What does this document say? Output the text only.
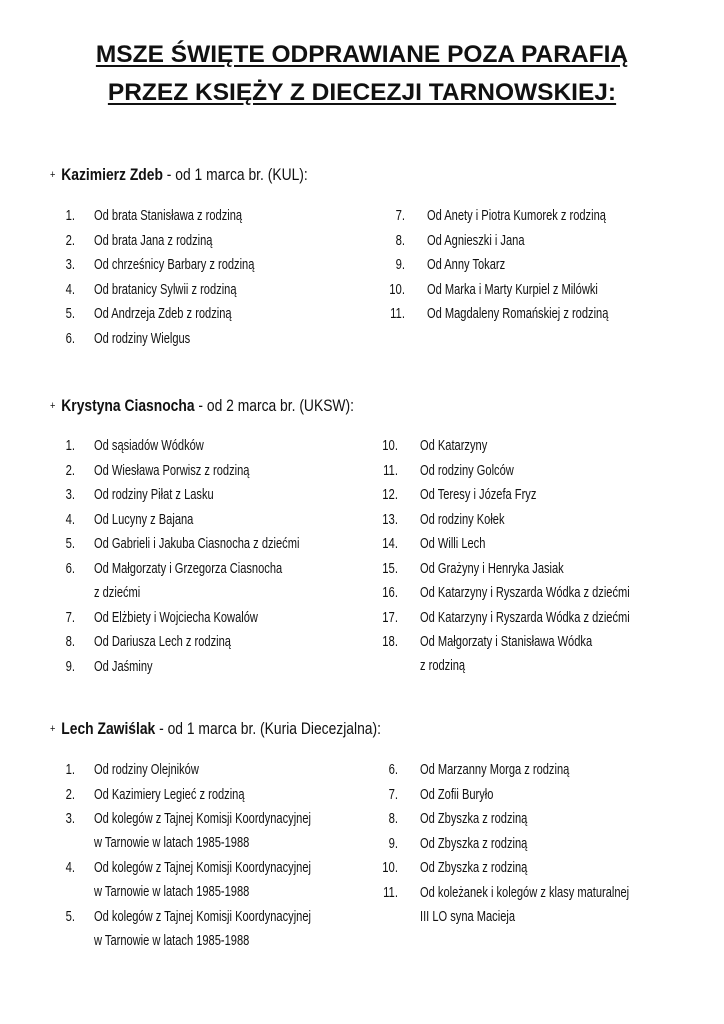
MSZE ŚWIĘTE ODPRAWIANE POZA PARAFIĄ
PRZEZ KSIĘŻY Z DIECEZJI TARNOWSKIEJ:
+ Kazimierz Zdeb - od 1 marca br. (KUL):
1. Od brata Stanisława z rodziną
2. Od brata Jana z rodziną
3. Od chrześnicy Barbary z rodziną
4. Od bratanicy Sylwii z rodziną
5. Od Andrzeja Zdeb z rodziną
6. Od rodziny Wielgus
7. Od Anety i Piotra Kumorek z rodziną
8. Od Agnieszki i Jana
9. Od Anny Tokarz
10. Od Marka i Marty Kurpiel z Milówki
11. Od Magdaleny Romańskiej z rodziną
+ Krystyna Ciasnocha - od 2 marca br. (UKSW):
1. Od sąsiadów Wódków
2. Od Wiesława Porwisz z rodziną
3. Od rodziny Piłat z Lasku
4. Od Lucyny z Bajana
5. Od Gabrieli i Jakuba Ciasnocha z dziećmi
6. Od Małgorzaty i Grzegorza Ciasnocha
z dziećmi
7. Od Elżbiety i Wojciecha Kowalów
8. Od Dariusza Lech z rodziną
9. Od Jaśminy
10. Od Katarzyny
11. Od rodziny Golców
12. Od Teresy i Józefa Fryz
13. Od rodziny Kołek
14. Od Willi Lech
15. Od Grażyny i Henryka Jasiak
16. Od Katarzyny i Ryszarda Wódka z dziećmi
17. Od Katarzyny i Ryszarda Wódka z dziećmi
18. Od Małgorzaty i Stanisława Wódka
z rodziną
+ Lech Zawiślak - od 1 marca br. (Kuria Diecezjalna):
1. Od rodziny Olejników
2. Od Kazimiery Legieć z rodziną
3. Od kolegów z Tajnej Komisji Koordynacyjnej
w Tarnowie w latach 1985-1988
4. Od kolegów z Tajnej Komisji Koordynacyjnej
w Tarnowie w latach 1985-1988
5. Od kolegów z Tajnej Komisji Koordynacyjnej
w Tarnowie w latach 1985-1988
6. Od Marzanny Morga z rodziną
7. Od Zofii Buryło
8. Od Zbyszka z rodziną
9. Od Zbyszka z rodziną
10. Od Zbyszka z rodziną
11. Od koleżanek i kolegów z klasy maturalnej
III LO syna Macieja
